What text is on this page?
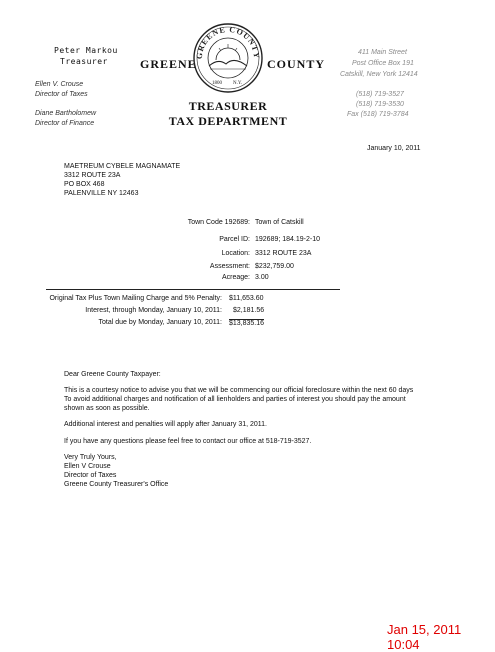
Peter Markou
Treasurer
Ellen V. Crouse
Director of Taxes
Diane Bartholomew
Director of Finance
GREENE	COUNTY
GREENE COUNTY
1800 N.Y.
TREASURER
TAX DEPARTMENT
411 Main Street
Post Office Box 191
Catskill, New York 12414
(518) 719-3527
(518) 719-3530
Fax (518) 719-3784
January 10, 2011
MAETREUM CYBELE MAGNAMATE
3312 ROUTE 23A
PO BOX 468
PALENVILLE NY 12463
Town Code 192689: Town of Catskill
Parcel ID: 192689; 184.19-2-10
Location: 3312 ROUTE 23A
Assessment: $232,759.00
Acreage: 3.00
Original Tax Plus Town Mailing Charge and 5% Penalty: $11,653.60
Interest, through Monday, January 10, 2011: $2,181.56
Total due by Monday, January 10, 2011: $13,835.16
Dear Greene County Taxpayer:
This is a courtesy notice to advise you that we will be commencing our official foreclosure within the next 60 days
To avoid additional charges and notification of all lienholders and parties of interest you should pay the amount
shown as soon as possible.
Additional interest and penalties will apply after January 31, 2011.
If you have any questions please feel free to contact our office at 518-719-3527.
Very Truly Yours,
Ellen V Crouse
Director of Taxes
Greene County Treasurer's Office
Jan 15, 2011 10:04
